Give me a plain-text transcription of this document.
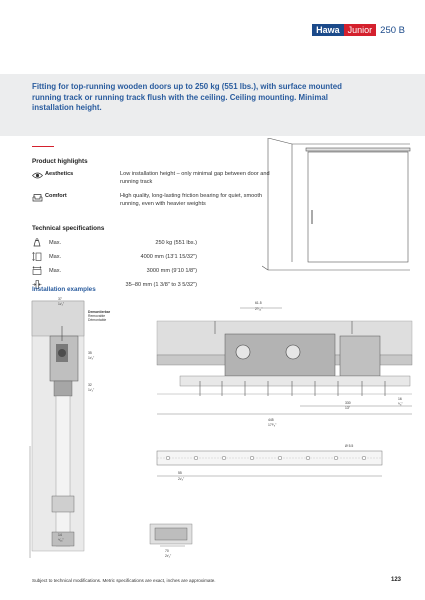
Hawa Junior 250 B
Fitting for top-running wooden doors up to 250 kg (551 lbs.), with surface mounted running track or running track flush with the ceiling. Ceiling mounting. Minimal installation height.
Product highlights
Aesthetics	Low installation height – only minimal gap between door and running track
Comfort	High quality, long-lasting friction bearing for quiet, smooth running, even with heavier weights
Technical specifications
Max.	250 kg (551 lbs.)
Max.	4000 mm (13'1 15/32")
Max.	3000 mm (9'10 1/8")
35–80 mm (1 3/8" to 3 5/32")
Installation examples
37
1¹⁄₂"
Demontierbar
Removable
Démontable
35
1³⁄₈"
32
1¹⁄₄"
14
⁹⁄₁₆"
61.5
2⁷⁄₁₆"
330
13"
445
17⁵⁄₈"
16
⁵⁄₈"
Ø 5.5
55
2¹⁄₈"
70
2³⁄₄"
Subject to technical modifications. Metric specifications are exact, inches are approximate.	123
